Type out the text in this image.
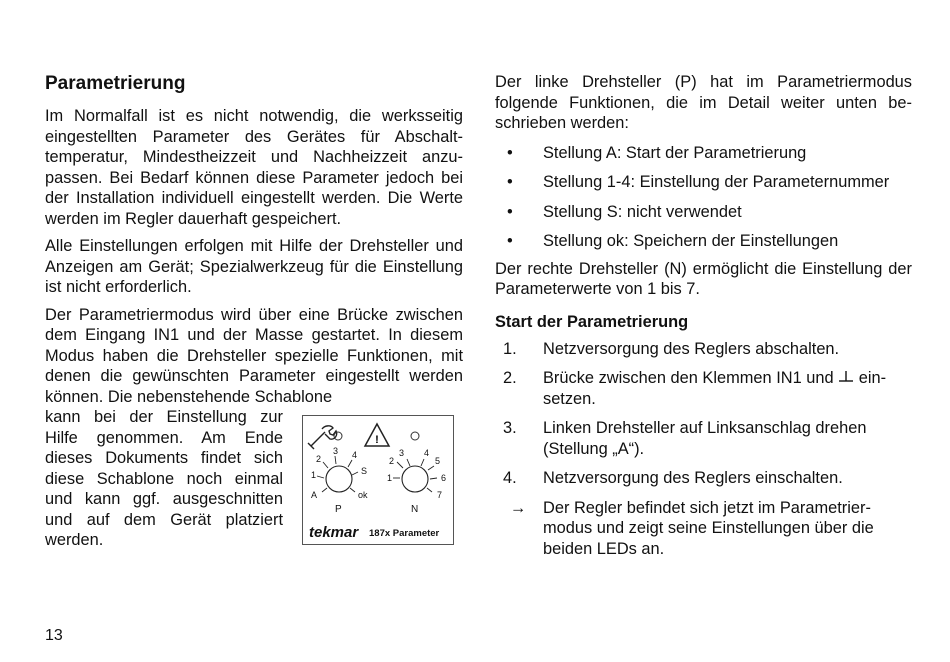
Parametrierung

Im Normalfall ist es nicht notwendig, die werksseitig eingestellten Parameter des Gerätes für Abschalttemperatur, Mindestheizzeit und Nachheizzeit anzupassen. Bei Bedarf können diese Parameter jedoch bei der Installation individuell eingestellt werden. Die Werte werden im Regler dauerhaft gespeichert.

Alle Einstellungen erfolgen mit Hilfe der Drehsteller und Anzeigen am Gerät; Spezialwerkzeug für die Einstellung ist nicht erforderlich.

Der Parametriermodus wird über eine Brücke zwischen dem Eingang IN1 und der Masse gestartet. In diesem Modus haben die Drehsteller spezielle Funktionen, mit denen die gewünschten Parameter eingestellt werden können. Die nebenstehende Schablone

kann bei der Einstellung zur Hilfe genommen. Am Ende dieses Dokuments findet sich diese Schablone noch einmal und kann ggf. ausgeschnitten und auf dem Gerät platziert werden.

!
1
2
3 4
S
ok
A
P
1
2
3 4
5
6
7
N
tekmar 187x Parameter

Der linke Drehsteller (P) hat im Parametriermodus folgende Funktionen, die im Detail weiter unten beschrieben werden:

• Stellung A: Start der Parametrierung
• Stellung 1-4: Einstellung der Parameternummer
• Stellung S: nicht verwendet
• Stellung ok: Speichern der Einstellungen

Der rechte Drehsteller (N) ermöglicht die Einstellung der Parameterwerte von 1 bis 7.

Start der Parametrierung
1. Netzversorgung des Reglers abschalten.
2. Brücke zwischen den Klemmen IN1 und einsetzen.
3. Linken Drehsteller auf Linksanschlag drehen (Stellung „A“).
4. Netzversorgung des Reglers einschalten.
→ Der Regler befindet sich jetzt im Parametriermodus und zeigt seine Einstellungen über die beiden LEDs an.
13
